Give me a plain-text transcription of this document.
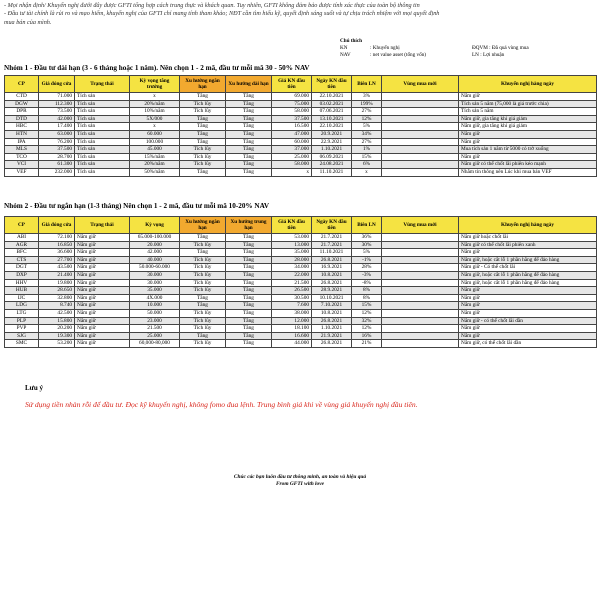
- Mọi nhận định/ Khuyến nghị đưới đây được GFTI tổng hợp cách trung thực và khách quan. Tuy nhiên, GFTI không đảm bảo được tính xác thực của toàn bộ thông tin
- Đầu tư tài chính là rủi ro và mạo hiểm, khuyến nghị của GFTI chỉ mang tính tham khảo; NĐT cần tìm hiểu kỹ, quyết định sáng suốt và tự chịu trách nhiệm với mọi quyết định
mua bán của mình.
Chú thích
KN	: Khuyến nghị	ĐQVM : Đã quá vùng mua
NAV	: net value asset (tổng vốn)	LN : Lợi nhuận
Nhóm 1 - Đầu tư dài hạn (3 - 6 tháng hoặc 1 năm). Nên chọn 1 - 2 mã, đầu tư mỗi mã 30 - 50% NAV
CP	Giá đóng cửa	Trạng thái	Kỳ vọng tăng trưởng	Xu hướng ngắn hạn	Xu hướng dài hạn	Giá KN đầu tiên	Ngày KN đầu tiên	Biên LN	Vùng mua mới	Khuyến nghị hàng ngày
CTD	71.000	Tích sản	x	Tăng	Tăng	69.000	22.10.2021	3%		Nắm giữ
DGW	112.300	Tích sản	20%/năm	Tích lũy	Tăng	75.000	03.02.2021	199%		Tích sản 5 năm (75,000 là giá trước chia)
DPR	73.500	Tích sản	10%/năm	Tích lũy	Tăng	58.000	07.06.2021	27%		Tích sản 5 năm
DTD	42.000	Tích sản	5X/000	Tăng	Tăng	37.500	13.10.2021	12%		Nắm giữ, gia tăng khi giá giảm
HBC	17.400	Tích sản	x	Tăng	Tăng	16.500	22.10.2021	5%		Nắm giữ, gia tăng khi giá giảm
HTN	63.000	Tích sản	60.000	Tăng	Tăng	47.000	20.9.2021	34%		Nắm giữ
IPA	76.200	Tích sản	100.000	Tăng	Tăng	60.000	22.9.2021	27%		Nắm giữ
MLS	37.500	Tích sản	45.000	Tích lũy	Tăng	37.000	1.10.2021	1%		Mua tích sản 1 năm từ 5000 có trở xuống
TCO	28.700	Tích sản	15%/năm	Tích lũy	Tăng	25.000	06.09.2021	15%		Nắm giữ
VCI	61.300	Tích sản	20%/năm	Tích lũy	Tăng	58.000	24.08.2021	6%		Nắm giữ có thể chốt lãi phiên kéo mạnh
VEF	232.000	Tích sản	50%/năm	Tăng	Tăng	x	11.10.2021	x		Nhắm tin thông nên Lúc khi mua bán VEF
Nhóm 2 - Đầu tư ngắn hạn (1-3 tháng) Nên chọn 1 - 2 mã, đầu tư mỗi mã 10-20% NAV
CP	Giá đóng cửa	Trạng thái	Kỳ vọng	Xu hướng ngắn hạn	Xu hướng trung hạn	Giá KN đầu tiên	Ngày KN đầu tiên	Biên LN	Vùng mua mới	Khuyến nghị hàng ngày
ABI	72.100	Nắm giữ	65.000-100.000	Tăng	Tăng	53.000	21.7.2021	36%		Nắm giữ hoặc chốt lãi
AGR	16.850	Nắm giữ	20.000	Tích lũy	Tăng	13.000	21.7.2021	30%		Nắm giữ có thể chốt lãi phiên xanh
BFC	36.600	Nắm giữ	42.000	Tăng	Tăng	35.000	11.10.2021	5%		Nắm giữ
CTS	27.700	Nắm giữ	40.000	Tích lũy	Tăng	28.000	26.8.2021	-1%		Nắm giữ, hoặc cắt lỗ 1 phần hằng để đảo hàng
DGT	43.500	Nắm giữ	50.000-60.000	Tích lũy	Tăng	34.000	16.9.2021	28%		Nắm giữ - Có thể chốt lãi
DXP	21.400	Nắm giữ	30.000	Tích lũy	Tăng	22.000	10.8.2021	-3%		Nắm giữ, hoặc cắt lỗ 1 phần hằng để đảo hàng
HHV	19.800	Nắm giữ	30.000	Tích lũy	Tăng	21.500	26.8.2021	-8%		Nắm giữ, hoặc cắt lỗ 1 phần hằng để đảo hàng
HUB	28.650	Nắm giữ	35.000	Tích lũy	Tăng	26.500	28.9.2021	8%		Nắm giữ
IJC	32.800	Nắm giữ	4X.000	Tăng	Tăng	30.500	10.10.2021	8%		Nắm giữ
LDG	8.740	Nắm giữ	10.000	Tăng	Tăng	7.600	7.10.2021	15%		Nắm giữ
LTG	42.500	Nắm giữ	50.000	Tích lũy	Tăng	38.000	10.8.2021	12%		Nắm giữ
PLP	15.800	Nắm giữ	23.000	Tích lũy	Tăng	12.000	26.8.2021	32%		Nắm giữ - có thể chốt lãi dần
PVP	20.200	Nắm giữ	21.500	Tích lũy	Tăng	18.100	1.10.2021	12%		Nắm giữ
SJG	19.300	Nắm giữ	25.000	Tăng	Tăng	16.600	21.9.2021	16%		Nắm giữ
SMC	53.200	Nắm giữ	60,000-80,000	Tích lũy	Tăng	44.000	26.8.2021	21%		Nắm giữ, có thể chốt lãi dần
Lưu ý
Sử dụng tiền nhàn rỗi để đầu tư. Đọc kỹ khuyến nghị, không fomo đua lệnh. Trung bình giá khi về vùng giá khuyến nghị đầu tiên.
Chúc các bạn luôn đầu tư thông minh, an toàn và hiệu quả
From GFTI with love
